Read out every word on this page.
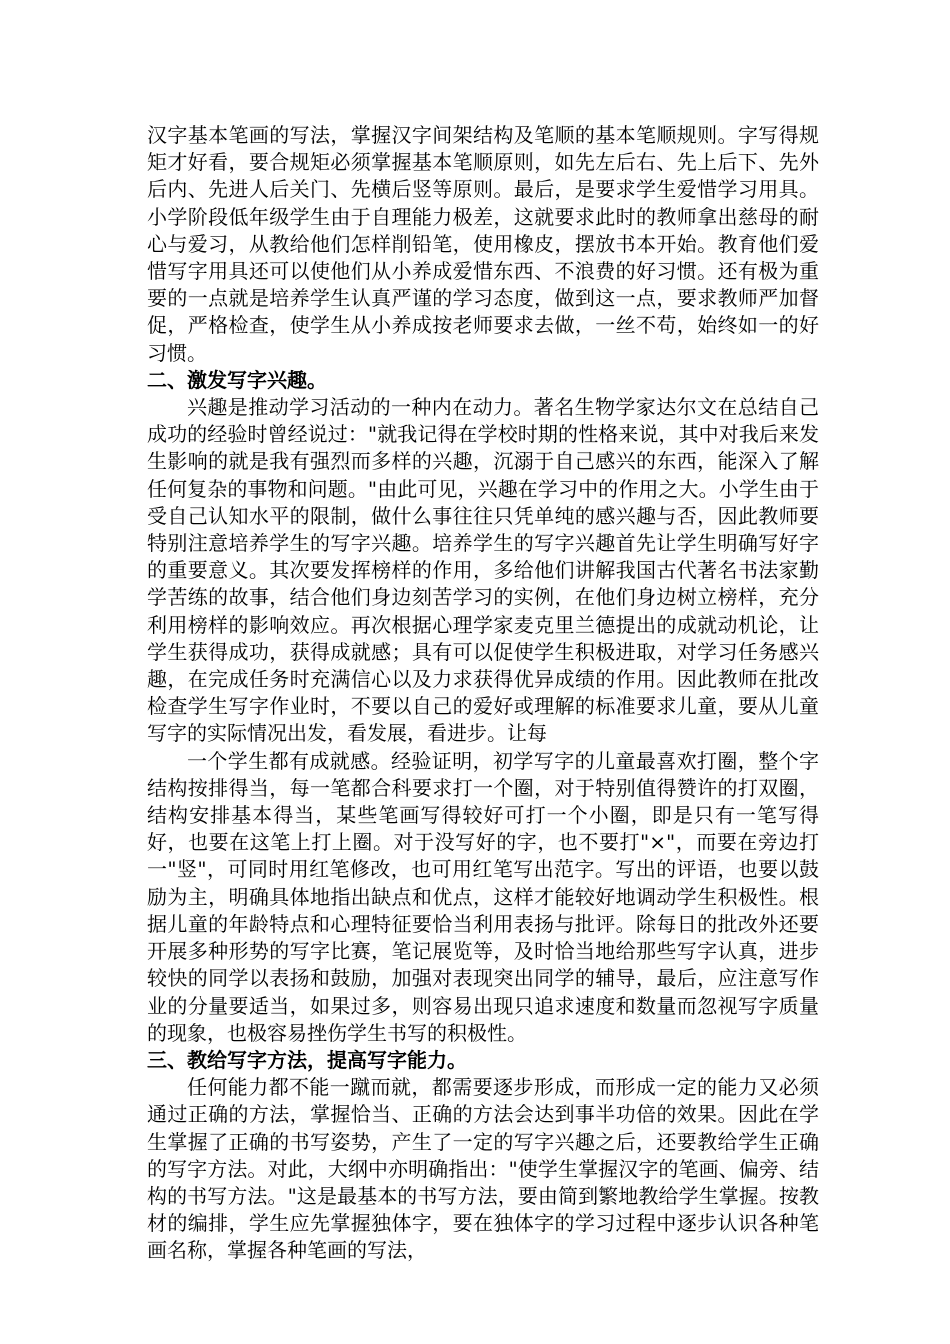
汉字基本笔画的写法，掌握汉字间架结构及笔顺的基本笔顺规则。字写得规矩才好看，要合规矩必须掌握基本笔顺原则，如先左后右、先上后下、先外后内、先进人后关门、先横后竖等原则。最后，是要求学生爱惜学习用具。小学阶段低年级学生由于自理能力极差，这就要求此时的教师拿出慈母的耐心与爱习，从教给他们怎样削铅笔，使用橡皮，摆放书本开始。教育他们爱惜写字用具还可以使他们从小养成爱惜东西、不浪费的好习惯。还有极为重要的一点就是培养学生认真严谨的学习态度，做到这一点，要求教师严加督促，严格检查，使学生从小养成按老师要求去做，一丝不苟，始终如一的好习惯。

二、激发写字兴趣。

兴趣是推动学习活动的一种内在动力。著名生物学家达尔文在总结自己成功的经验时曾经说过："就我记得在学校时期的性格来说，其中对我后来发生影响的就是我有强烈而多样的兴趣，沉溺于自己感兴的东西，能深入了解任何复杂的事物和问题。"由此可见，兴趣在学习中的作用之大。小学生由于受自己认知水平的限制，做什么事往往只凭单纯的感兴趣与否，因此教师要特别注意培养学生的写字兴趣。培养学生的写字兴趣首先让学生明确写好字的重要意义。其次要发挥榜样的作用，多给他们讲解我国古代著名书法家勤学苦练的故事，结合他们身边刻苦学习的实例，在他们身边树立榜样，充分利用榜样的影响效应。再次根据心理学家麦克里兰德提出的成就动机论，让学生获得成功，获得成就感；具有可以促使学生积极进取，对学习任务感兴趣，在完成任务时充满信心以及力求获得优异成绩的作用。因此教师在批改检查学生写字作业时，不要以自己的爱好或理解的标准要求儿童，要从儿童写字的实际情况出发，看发展，看进步。让每

一个学生都有成就感。经验证明，初学写字的儿童最喜欢打圈，整个字结构按排得当，每一笔都合科要求打一个圈，对于特别值得赞许的打双圈，结构安排基本得当，某些笔画写得较好可打一个小圈，即是只有一笔写得好，也要在这笔上打上圈。对于没写好的字，也不要打"×"，而要在旁边打一"竖"，可同时用红笔修改，也可用红笔写出范字。写出的评语，也要以鼓励为主，明确具体地指出缺点和优点，这样才能较好地调动学生积极性。根据儿童的年龄特点和心理特征要恰当利用表扬与批评。除每日的批改外还要开展多种形势的写字比赛，笔记展览等，及时恰当地给那些写字认真，进步较快的同学以表扬和鼓励，加强对表现突出同学的辅导，最后，应注意写作业的分量要适当，如果过多，则容易出现只追求速度和数量而忽视写字质量的现象，也极容易挫伤学生书写的积极性。

三、教给写字方法，提高写字能力。

任何能力都不能一蹴而就，都需要逐步形成，而形成一定的能力又必须通过正确的方法，掌握恰当、正确的方法会达到事半功倍的效果。因此在学生掌握了正确的书写姿势，产生了一定的写字兴趣之后，还要教给学生正确的写字方法。对此，大纲中亦明确指出："使学生掌握汉字的笔画、偏旁、结构的书写方法。"这是最基本的书写方法，要由简到繁地教给学生掌握。按教材的编排，学生应先掌握独体字，要在独体字的学习过程中逐步认识各种笔画名称，掌握各种笔画的写法，
